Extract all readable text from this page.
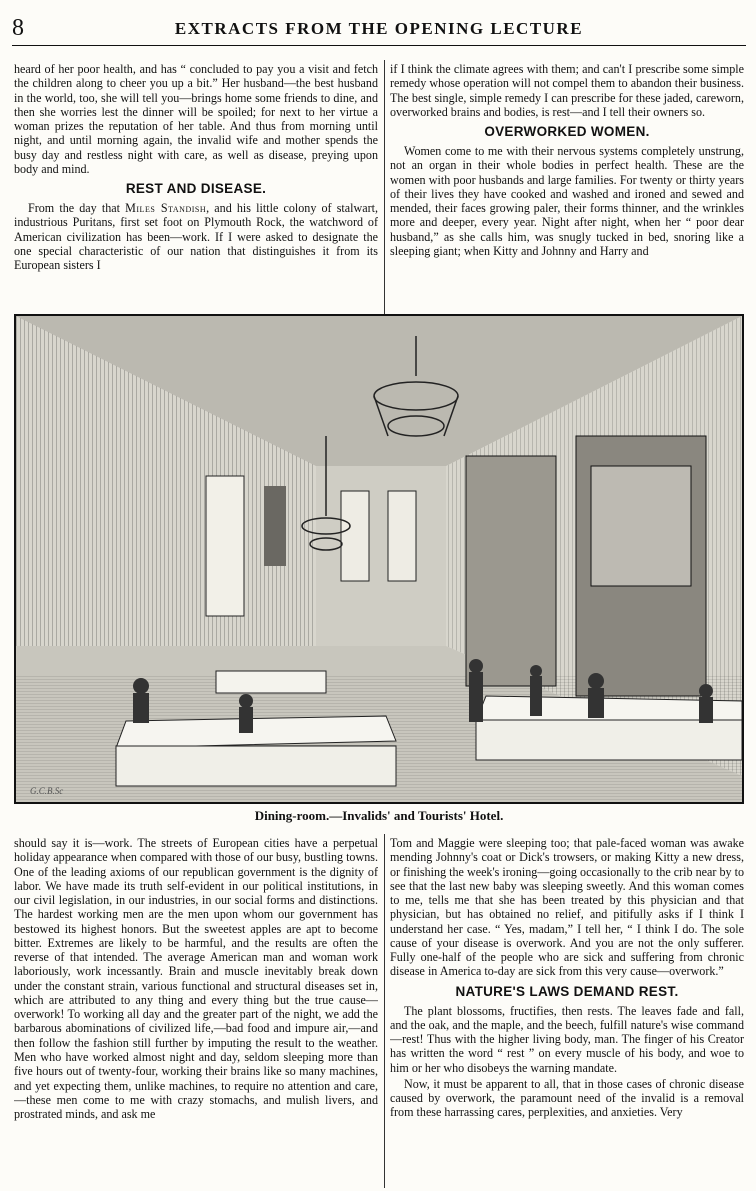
8	EXTRACTS FROM THE OPENING LECTURE

heard of her poor health, and has “ concluded to pay you a visit and fetch the children along to cheer you up a bit.” Her husband—the best husband in the world, too, she will tell you—brings home some friends to dine, and then she worries lest the dinner will be spoiled; for next to her virtue a woman prizes the reputation of her table. And thus from morning until night, and until morning again, the invalid wife and mother spends the busy day and restless night with care, as well as disease, preying upon body and mind.

REST AND DISEASE.

From the day that Miles Standish, and his little colony of stalwart, industrious Puritans, first set foot on Plymouth Rock, the watchword of American civilization has been—work. If I were asked to designate the one special characteristic of our nation that distinguishes it from its European sisters I

if I think the climate agrees with them; and can't I prescribe some simple remedy whose operation will not compel them to abandon their business. The best single, simple remedy I can prescribe for these jaded, careworn, overworked brains and bodies, is rest—and I tell their owners so.

OVERWORKED WOMEN.

Women come to me with their nervous systems completely unstrung, not an organ in their whole bodies in perfect health. These are the women with poor husbands and large families. For twenty or thirty years of their lives they have cooked and washed and ironed and sewed and mended, their faces growing paler, their forms thinner, and the wrinkles more and deeper, every year. Night after night, when her “ poor dear husband,” as she calls him, was snugly tucked in bed, snoring like a sleeping giant; when Kitty and Johnny and Harry and

G.C.B.Sc
Dining-room.—Invalids' and Tourists' Hotel.

should say it is—work. The streets of European cities have a perpetual holiday appearance when compared with those of our busy, bustling towns. One of the leading axioms of our republican government is the dignity of labor. We have made its truth self-evident in our political institutions, in our civil legislation, in our industries, in our social forms and distinctions. The hardest working men are the men upon whom our government has bestowed its highest honors. But the sweetest apples are apt to become bitter. Extremes are likely to be harmful, and the results are often the reverse of that intended. The average American man and woman work laboriously, work incessantly. Brain and muscle inevitably break down under the constant strain, various functional and structural diseases set in, which are attributed to any thing and every thing but the true cause—overwork! To working all day and the greater part of the night, we add the barbarous abominations of civilized life,—bad food and impure air,—and then follow the fashion still further by imputing the result to the weather. Men who have worked almost night and day, seldom sleeping more than five hours out of twenty-four, working their brains like so many machines, and yet expecting them, unlike machines, to require no attention and care,—these men come to me with crazy stomachs, and mulish livers, and prostrated minds, and ask me

Tom and Maggie were sleeping too; that pale-faced woman was awake mending Johnny's coat or Dick's trowsers, or making Kitty a new dress, or finishing the week's ironing—going occasionally to the crib near by to see that the last new baby was sleeping sweetly. And this woman comes to me, tells me that she has been treated by this physician and that physician, but has obtained no relief, and pitifully asks if I think I understand her case. “ Yes, madam,” I tell her, “ I think I do. The sole cause of your disease is overwork. And you are not the only sufferer. Fully one-half of the people who are sick and suffering from chronic disease in America to-day are sick from this very cause—overwork.”

NATURE'S LAWS DEMAND REST.

The plant blossoms, fructifies, then rests. The leaves fade and fall, and the oak, and the maple, and the beech, fulfill nature's wise command—rest! Thus with the higher living body, man. The finger of his Creator has written the word “ rest ” on every muscle of his body, and woe to him or her who disobeys the warning mandate.

Now, it must be apparent to all, that in those cases of chronic disease caused by overwork, the paramount need of the invalid is a removal from these harrassing cares, perplexities, and anxieties. Very
